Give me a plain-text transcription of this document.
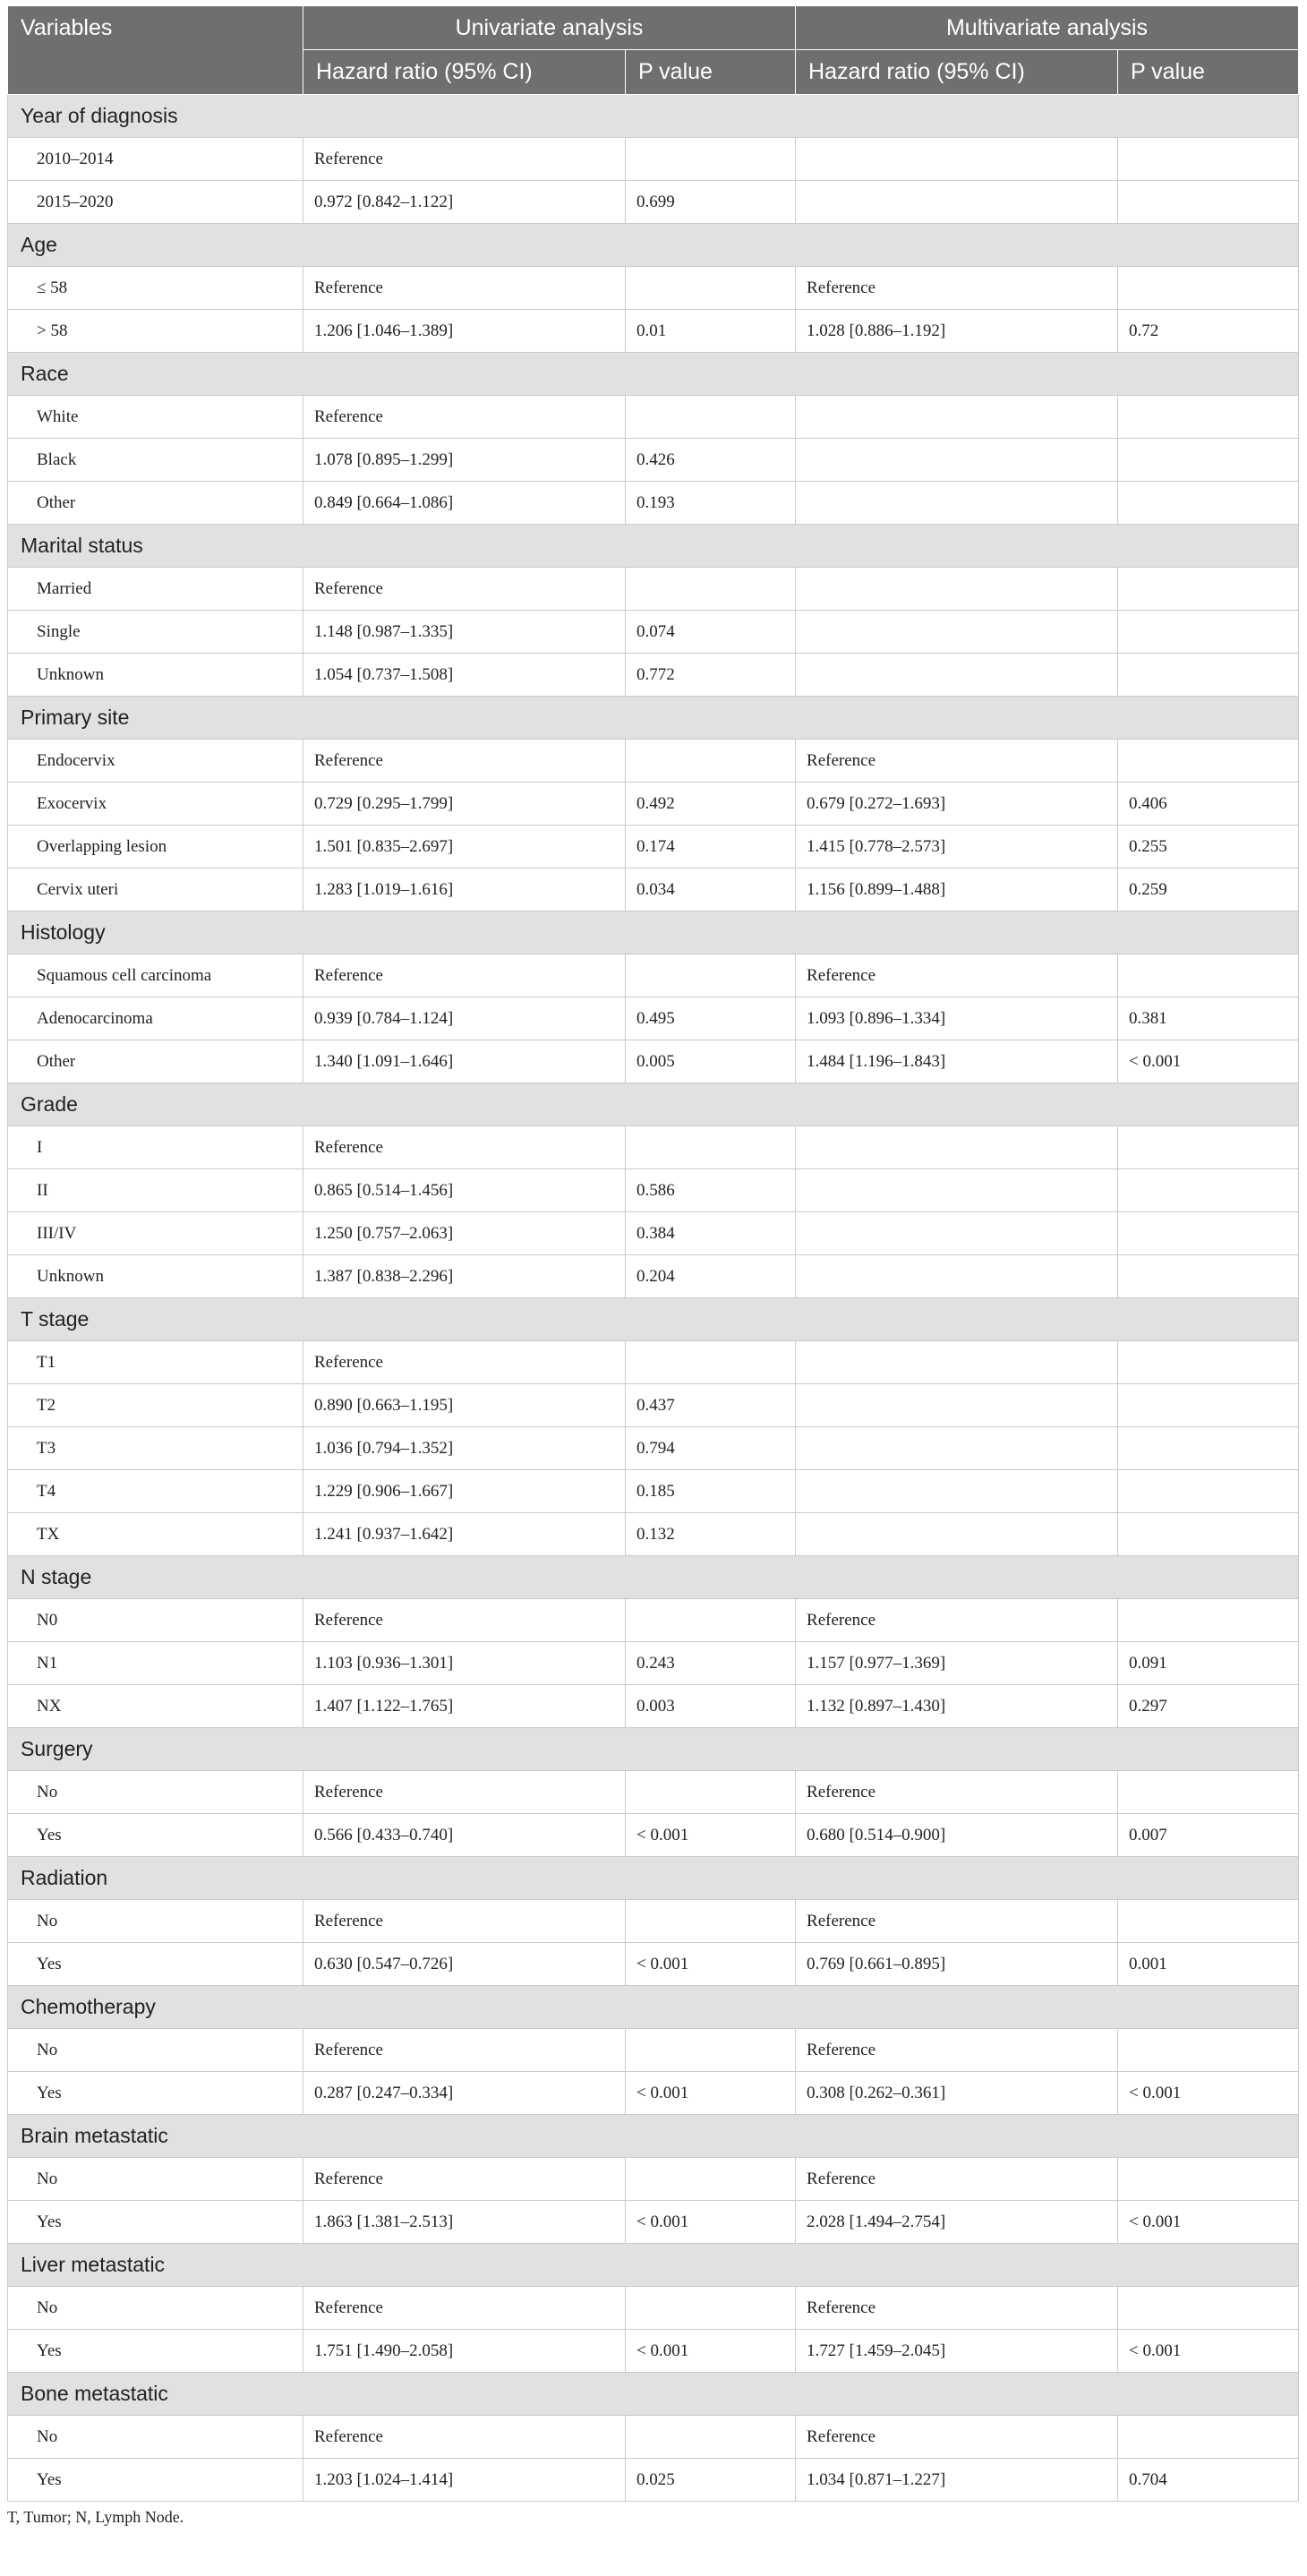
Variables	Univariate analysis		Multivariate analysis	
	Hazard ratio (95% CI)	P value	Hazard ratio (95% CI)	P value
Year of diagnosis				
2010–2014	Reference			
2015–2020	0.972 [0.842–1.122]	0.699		
Age				
≤ 58	Reference		Reference	
> 58	1.206 [1.046–1.389]	0.01	1.028 [0.886–1.192]	0.72
Race				
White	Reference			
Black	1.078 [0.895–1.299]	0.426		
Other	0.849 [0.664–1.086]	0.193		
Marital status				
Married	Reference			
Single	1.148 [0.987–1.335]	0.074		
Unknown	1.054 [0.737–1.508]	0.772		
Primary site				
Endocervix	Reference		Reference	
Exocervix	0.729 [0.295–1.799]	0.492	0.679 [0.272–1.693]	0.406
Overlapping lesion	1.501 [0.835–2.697]	0.174	1.415 [0.778–2.573]	0.255
Cervix uteri	1.283 [1.019–1.616]	0.034	1.156 [0.899–1.488]	0.259
Histology				
Squamous cell carcinoma	Reference		Reference	
Adenocarcinoma	0.939 [0.784–1.124]	0.495	1.093 [0.896–1.334]	0.381
Other	1.340 [1.091–1.646]	0.005	1.484 [1.196–1.843]	< 0.001
Grade				
I	Reference			
II	0.865 [0.514–1.456]	0.586		
III/IV	1.250 [0.757–2.063]	0.384		
Unknown	1.387 [0.838–2.296]	0.204		
T stage				
T1	Reference			
T2	0.890 [0.663–1.195]	0.437		
T3	1.036 [0.794–1.352]	0.794		
T4	1.229 [0.906–1.667]	0.185		
TX	1.241 [0.937–1.642]	0.132		
N stage				
N0	Reference		Reference	
N1	1.103 [0.936–1.301]	0.243	1.157 [0.977–1.369]	0.091
NX	1.407 [1.122–1.765]	0.003	1.132 [0.897–1.430]	0.297
Surgery				
No	Reference		Reference	
Yes	0.566 [0.433–0.740]	< 0.001	0.680 [0.514–0.900]	0.007
Radiation				
No	Reference		Reference	
Yes	0.630 [0.547–0.726]	< 0.001	0.769 [0.661–0.895]	0.001
Chemotherapy				
No	Reference		Reference	
Yes	0.287 [0.247–0.334]	< 0.001	0.308 [0.262–0.361]	< 0.001
Brain metastatic				
No	Reference		Reference	
Yes	1.863 [1.381–2.513]	< 0.001	2.028 [1.494–2.754]	< 0.001
Liver metastatic				
No	Reference		Reference	
Yes	1.751 [1.490–2.058]	< 0.001	1.727 [1.459–2.045]	< 0.001
Bone metastatic				
No	Reference		Reference	
Yes	1.203 [1.024–1.414]	0.025	1.034 [0.871–1.227]	0.704
T, Tumor; N, Lymph Node.
